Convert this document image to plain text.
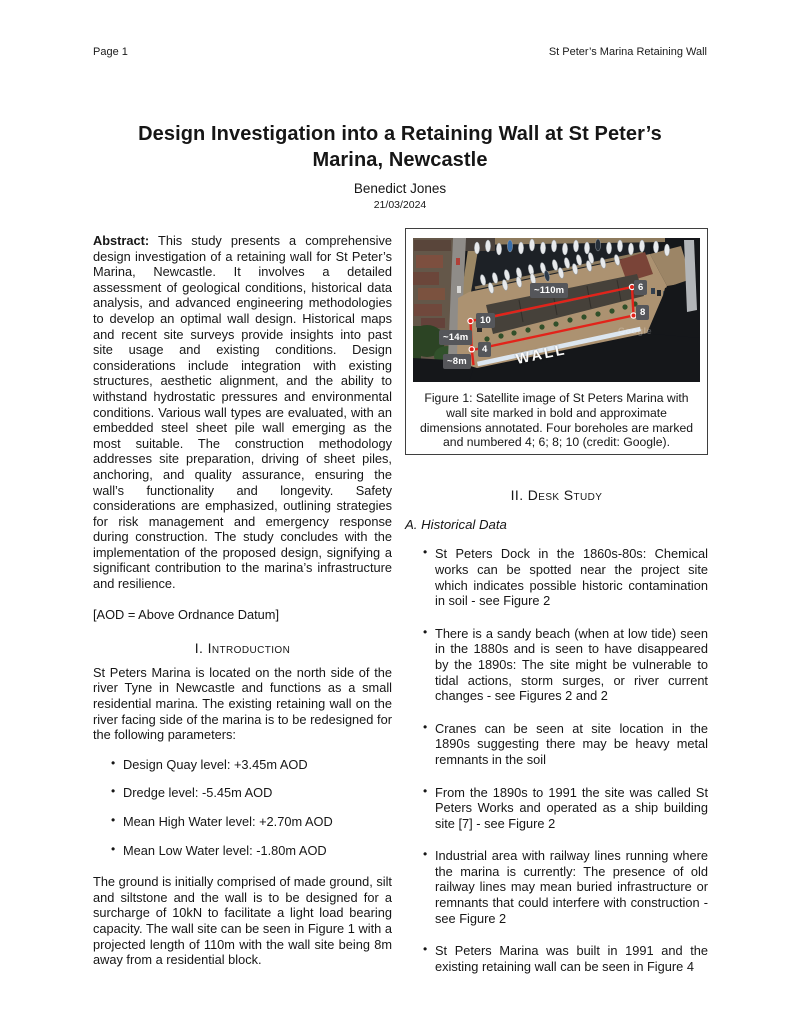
Page 1	St Peter’s Marina Retaining Wall
Design Investigation into a Retaining Wall at St Peter’s Marina, Newcastle
Benedict Jones
21/03/2024

Abstract: This study presents a comprehensive design investigation of a retaining wall for St Peter’s Marina, Newcastle. It involves a detailed assessment of geological conditions, historical data analysis, and advanced engineering methodologies to develop an optimal wall design. Historical maps and recent site surveys provide insights into past site usage and existing conditions. Design considerations include integration with existing structures, aesthetic alignment, and the ability to withstand hydrostatic pressures and environmental conditions. Various wall types are evaluated, with an embedded steel sheet pile wall emerging as the most suitable. The construction methodology addresses site preparation, driving of sheet piles, anchoring, and quality assurance, ensuring the wall’s functionality and longevity. Safety considerations are emphasized, outlining strategies for risk management and emergency response during construction. The study concludes with the implementation of the proposed design, signifying a significant contribution to the marina’s infrastructure and resilience.

[AOD = Above Ordnance Datum]

I. Introduction

St Peters Marina is located on the north side of the river Tyne in Newcastle and functions as a small residential marina. The existing retaining wall on the river facing side of the marina is to be redesigned for the following parameters:

• Design Quay level: +3.45m AOD
• Dredge level: -5.45m AOD
• Mean High Water level: +2.70m AOD
• Mean Low Water level: -1.80m AOD

The ground is initially comprised of made ground, silt and siltstone and the wall is to be designed for a surcharge of 10kN to facilitate a light load bearing capacity. The wall site can be seen in Figure 1 with a projected length of 110m with the wall site being 8m away from a residential block.

~110m
~14m
~8m
6
8
10
4 WALL
Google
Figure 1: Satellite image of St Peters Marina with wall site marked in bold and approximate dimensions annotated. Four boreholes are marked and numbered 4; 6; 8; 10 (credit: Google).
II. Desk Study
A. Historical Data
• St Peters Dock in the 1860s-80s: Chemical works can be spotted near the project site which indicates possible historic contamination in soil - see Figure 2
• There is a sandy beach (when at low tide) seen in the 1880s and is seen to have disappeared by the 1890s: The site might be vulnerable to tidal actions, storm surges, or river current changes - see Figures 2 and 2
• Cranes can be seen at site location in the 1890s suggesting there may be heavy metal remnants in the soil
• From the 1890s to 1991 the site was called St Peters Works and operated as a ship building site [7] - see Figure 2
• Industrial area with railway lines running where the marina is currently: The presence of old railway lines may mean buried infrastructure or remnants that could interfere with construction - see Figure 2
• St Peters Marina was built in 1991 and the existing retaining wall can be seen in Figure 4
